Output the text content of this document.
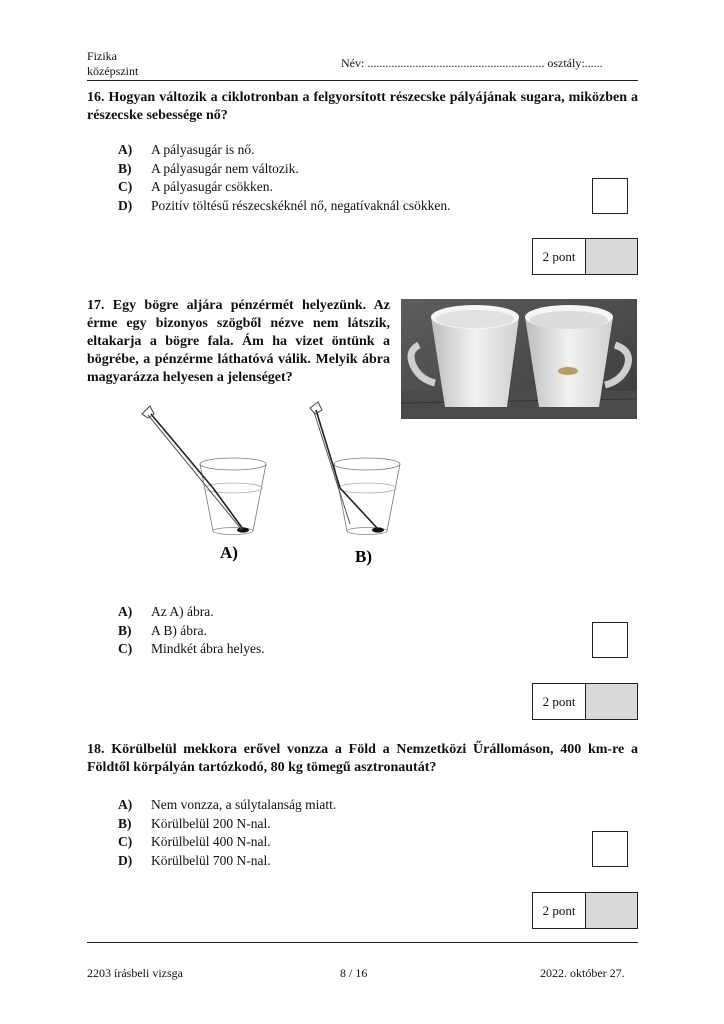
Fizika
középszint
Név: ........................................................... osztály:......
16. Hogyan változik a ciklotronban a felgyorsított részecske pályájának sugara, miközben a részecske sebessége nő?
A) A pályasugár is nő.
B) A pályasugár nem változik.
C) A pályasugár csökken.
D) Pozitív töltésű részecskéknél nő, negatívaknál csökken.
2 pont
17. Egy bögre aljára pénzérmét helyezünk. Az érme egy bizonyos szögből nézve nem látszik, eltakarja a bögre fala. Ám ha vizet öntünk a bögrébe, a pénzérme láthatóvá válik. Melyik ábra magyarázza helyesen a jelenséget?
A)	B)
A) Az A) ábra.
B) A B) ábra.
C) Mindkét ábra helyes.
2 pont
18. Körülbelül mekkora erővel vonzza a Föld a Nemzetközi Űrállomáson, 400 km-re a Földtől körpályán tartózkodó, 80 kg tömegű asztronautát?
A) Nem vonzza, a súlytalanság miatt.
B) Körülbelül 200 N-nal.
C) Körülbelül 400 N-nal.
D) Körülbelül 700 N-nal.
2 pont
2203 írásbeli vizsga	8 / 16	2022. október 27.
